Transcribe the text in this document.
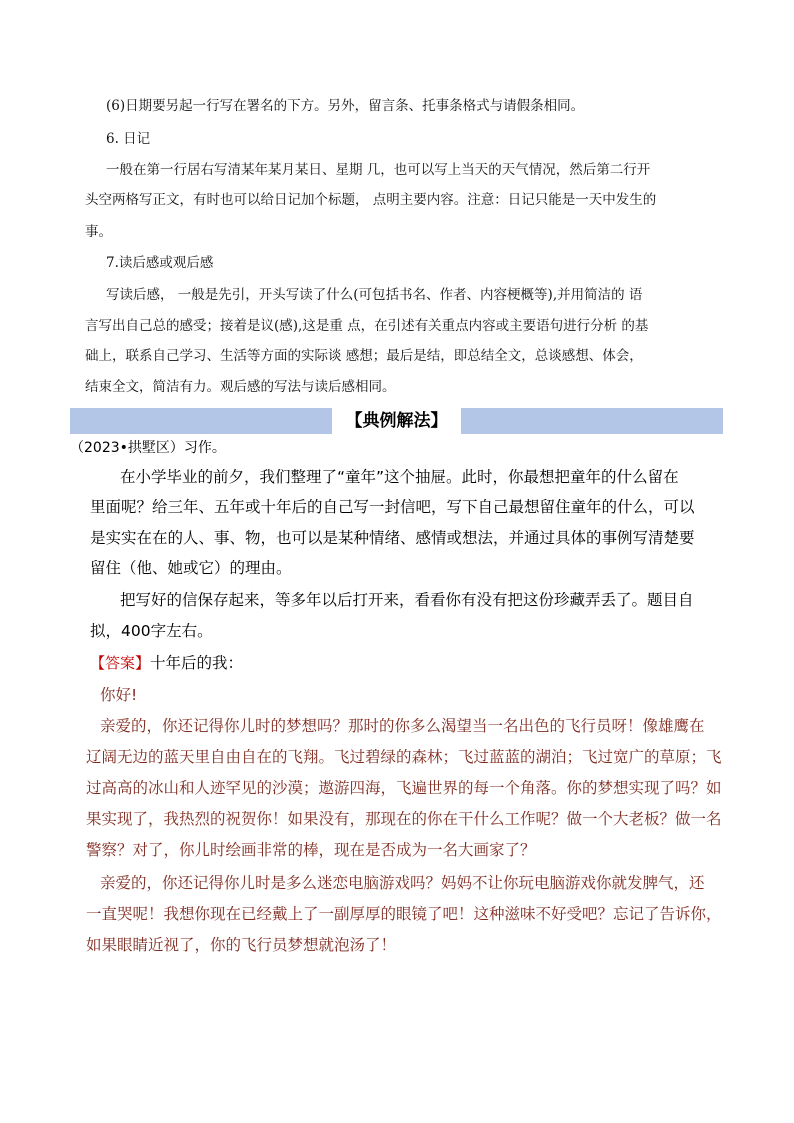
(6)日期要另起一行写在署名的下方。另外，留言条、托事条格式与请假条相同。

6. 日记

一般在第一行居右写清某年某月某日、星期 几，也可以写上当天的天气情况，然后第二行开

头空两格写正文，有时也可以给日记加个标题， 点明主要内容。注意：日记只能是一天中发生的

事。

7.读后感或观后感

写读后感， 一般是先引，开头写读了什么(可包括书名、作者、内容梗概等),并用简洁的 语

言写出自己总的感受；接着是议(感),这是重 点，在引述有关重点内容或主要语句进行分析 的基

础上，联系自己学习、生活等方面的实际谈 感想；最后是结，即总结全文，总谈感想、体会，

结束全文，简洁有力。观后感的写法与读后感相同。

【典例解法】

（2023•拱墅区）习作。

在小学毕业的前夕，我们整理了“童年”这个抽屉。此时，你最想把童年的什么留在

里面呢？给三年、五年或十年后的自己写一封信吧，写下自己最想留住童年的什么，可以

是实实在在的人、事、物，也可以是某种情绪、感情或想法，并通过具体的事例写清楚要

留住（他、她或它）的理由。

把写好的信保存起来，等多年以后打开来，看看你有没有把这份珍藏弄丢了。题目自

拟，400字左右。

【答案】十年后的我：

你好!

亲爱的，你还记得你儿时的梦想吗？那时的你多么渴望当一名出色的飞行员呀！像雄鹰在

辽阔无边的蓝天里自由自在的飞翔。飞过碧绿的森林；飞过蓝蓝的湖泊；飞过宽广的草原；飞

过高高的冰山和人迹罕见的沙漠；遨游四海，飞遍世界的每一个角落。你的梦想实现了吗？如

果实现了，我热烈的祝贺你！如果没有，那现在的你在干什么工作呢？做一个大老板？做一名

警察？对了，你儿时绘画非常的棒，现在是否成为一名大画家了？

亲爱的，你还记得你儿时是多么迷恋电脑游戏吗？妈妈不让你玩电脑游戏你就发脾气，还

一直哭呢！我想你现在已经戴上了一副厚厚的眼镜了吧！这种滋味不好受吧？忘记了告诉你，

如果眼睛近视了，你的飞行员梦想就泡汤了！
